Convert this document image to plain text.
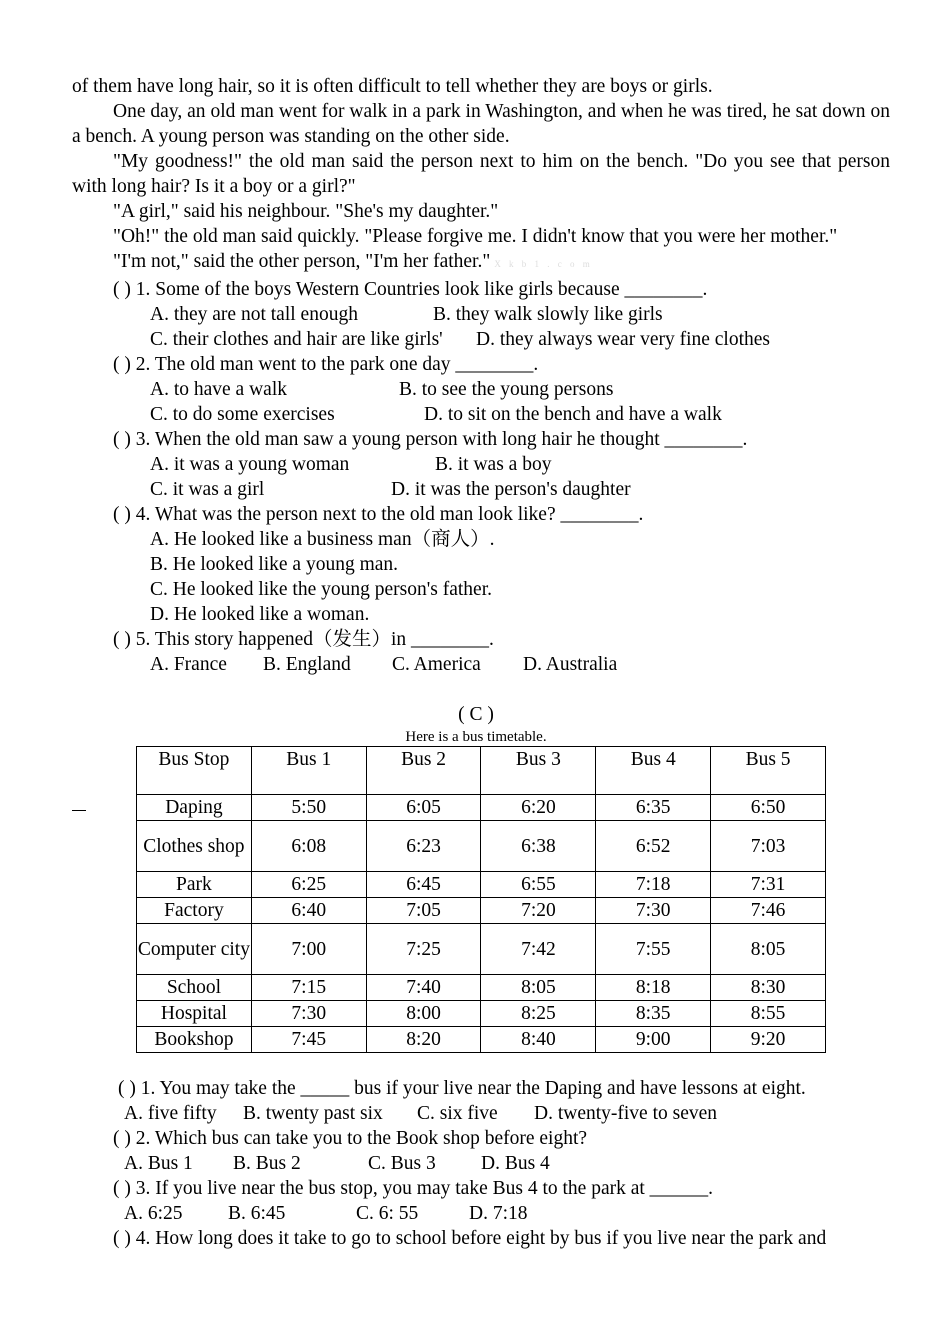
of them have long hair, so it is often difficult to tell whether they are boys or girls.

One day, an old man went for walk in a park in Washington, and when he was tired, he sat down on a bench. A young person was standing on the other side.

"My goodness!" the old man said the person next to him on the bench. "Do you see that person with long hair? Is it a boy or a girl?"

"A girl," said his neighbour. "She's my daughter."

"Oh!" the old man said quickly. "Please forgive me. I didn't know that you were her mother."

"I'm not," said the other person, "I'm her father." X k b 1 . c o m

( ) 1. Some of the boys Western Countries look like girls because ________.

A. they are not tall enough	B. they walk slowly like girls
C. their clothes and hair are like girls'	D. they always wear very fine clothes

( ) 2. The old man went to the park one day ________.

A. to have a walk	B. to see the young persons
C. to do some exercises	D. to sit on the bench and have a walk

( ) 3. When the old man saw a young person with long hair he thought ________.

A. it was a young woman	B. it was a boy
C. it was a girl	D. it was the person's daughter

( ) 4. What was the person next to the old man look like? ________.

A. He looked like a business man（商人）.
B. He looked like a young man.
C. He looked like the young person's father.
D. He looked like a woman.

( ) 5. This story happened（发生）in ________.

A. France	B. England	C. America	D. Australia
( C )
Here is a bus timetable.
Bus Stop	Bus 1	Bus 2	Bus 3	Bus 4	Bus 5
Daping	5:50	6:05	6:20	6:35	6:50
Clothes shop	6:08	6:23	6:38	6:52	7:03
Park	6:25	6:45	6:55	7:18	7:31
Factory	6:40	7:05	7:20	7:30	7:46
Computer city	7:00	7:25	7:42	7:55	8:05
School	7:15	7:40	8:05	8:18	8:30
Hospital	7:30	8:00	8:25	8:35	8:55
Bookshop	7:45	8:20	8:40	9:00	9:20

( ) 1. You may take the _____ bus if your live near the Daping and have lessons at eight.

A. five fifty	B. twenty past six	C. six five	D. twenty-five to seven

( ) 2. Which bus can take you to the Book shop before eight?

A. Bus 1	B. Bus 2	C. Bus 3	D. Bus 4

( ) 3. If you live near the bus stop, you may take Bus 4 to the park at ______.

A. 6:25	B. 6:45	C. 6: 55	D. 7:18

( ) 4. How long does it take to go to school before eight by bus if you live near the park and
